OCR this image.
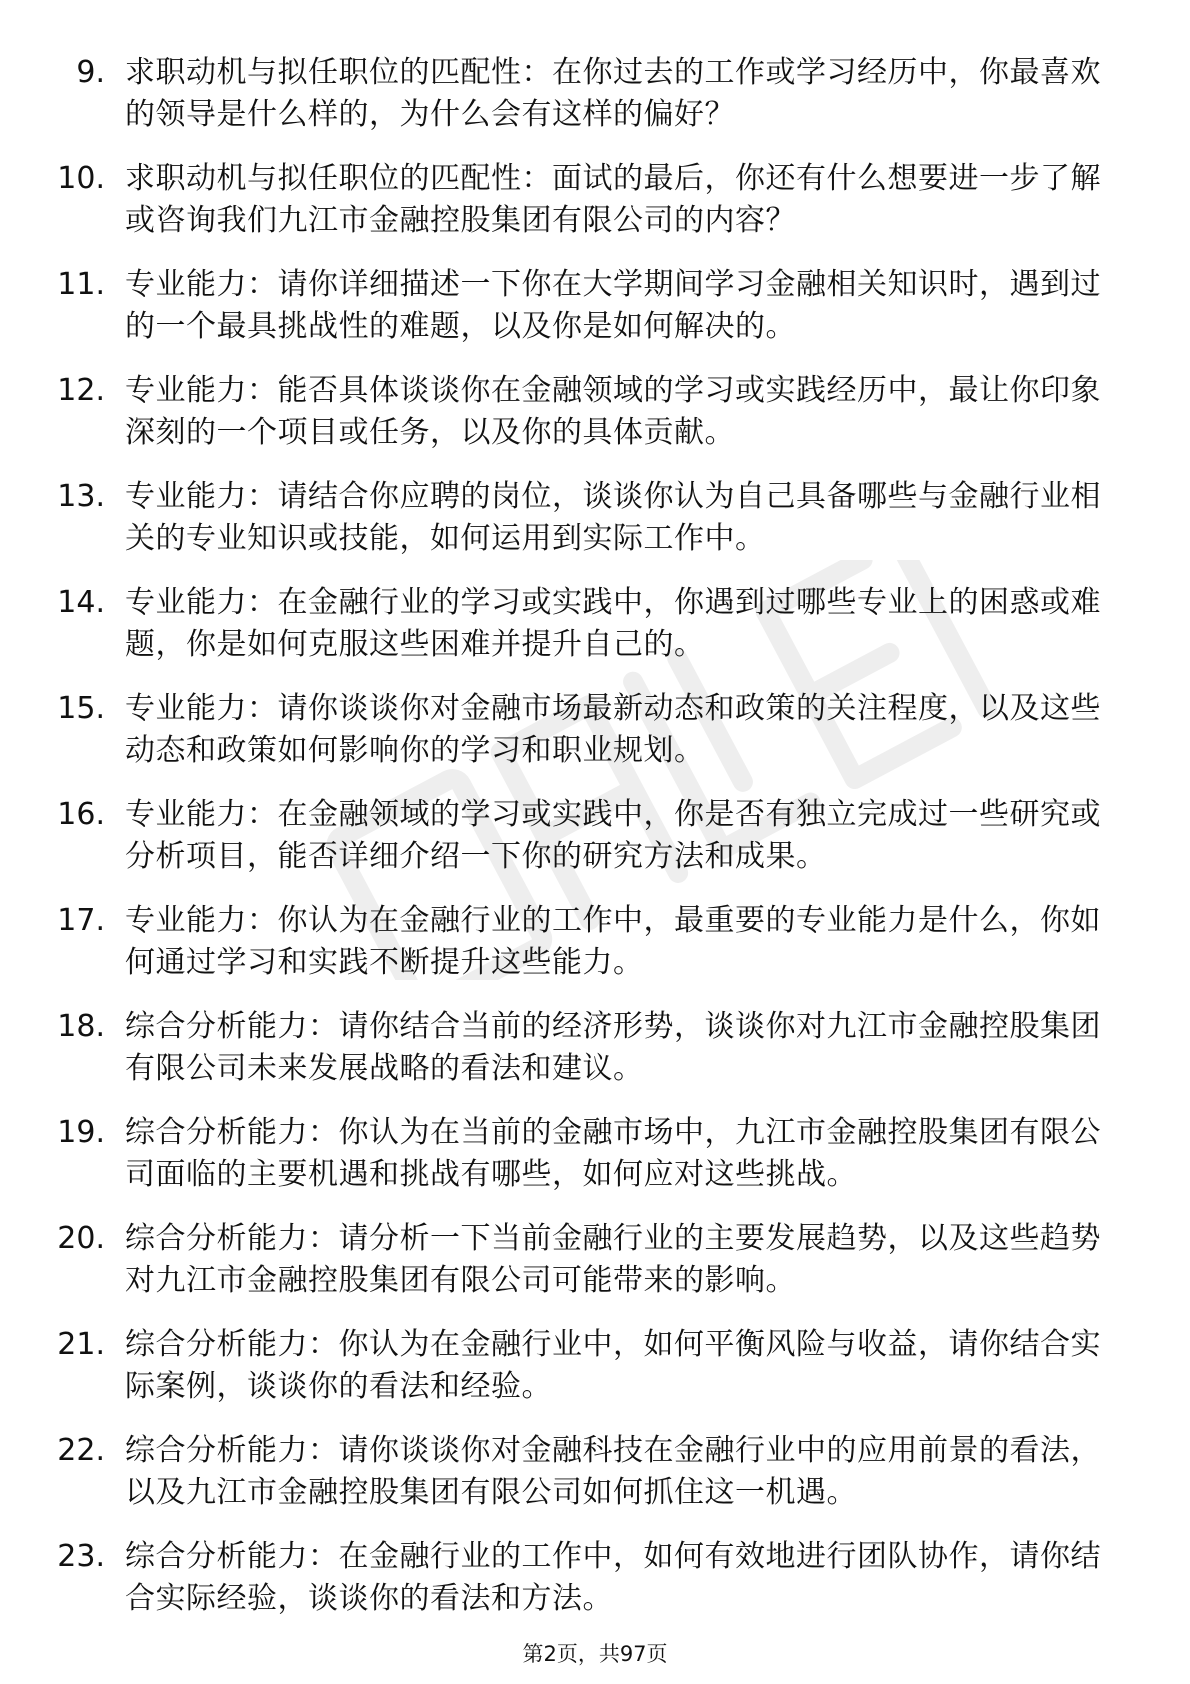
9. 求职动机与拟任职位的匹配性：在你过去的工作或学习经历中，你最喜欢的领导是什么样的，为什么会有这样的偏好？
10. 求职动机与拟任职位的匹配性：面试的最后，你还有什么想要进一步了解或咨询我们九江市金融控股集团有限公司的内容？
11. 专业能力：请你详细描述一下你在大学期间学习金融相关知识时，遇到过的一个最具挑战性的难题，以及你是如何解决的。
12. 专业能力：能否具体谈谈你在金融领域的学习或实践经历中，最让你印象深刻的一个项目或任务，以及你的具体贡献。
13. 专业能力：请结合你应聘的岗位，谈谈你认为自己具备哪些与金融行业相关的专业知识或技能，如何运用到实际工作中。
14. 专业能力：在金融行业的学习或实践中，你遇到过哪些专业上的困惑或难题，你是如何克服这些困难并提升自己的。
15. 专业能力：请你谈谈你对金融市场最新动态和政策的关注程度，以及这些动态和政策如何影响你的学习和职业规划。
16. 专业能力：在金融领域的学习或实践中，你是否有独立完成过一些研究或分析项目，能否详细介绍一下你的研究方法和成果。
17. 专业能力：你认为在金融行业的工作中，最重要的专业能力是什么，你如何通过学习和实践不断提升这些能力。
18. 综合分析能力：请你结合当前的经济形势，谈谈你对九江市金融控股集团有限公司未来发展战略的看法和建议。
19. 综合分析能力：你认为在当前的金融市场中，九江市金融控股集团有限公司面临的主要机遇和挑战有哪些，如何应对这些挑战。
20. 综合分析能力：请分析一下当前金融行业的主要发展趋势，以及这些趋势对九江市金融控股集团有限公司可能带来的影响。
21. 综合分析能力：你认为在金融行业中，如何平衡风险与收益，请你结合实际案例，谈谈你的看法和经验。
22. 综合分析能力：请你谈谈你对金融科技在金融行业中的应用前景的看法，以及九江市金融控股集团有限公司如何抓住这一机遇。
23. 综合分析能力：在金融行业的工作中，如何有效地进行团队协作，请你结合实际经验，谈谈你的看法和方法。
第2页，共97页
